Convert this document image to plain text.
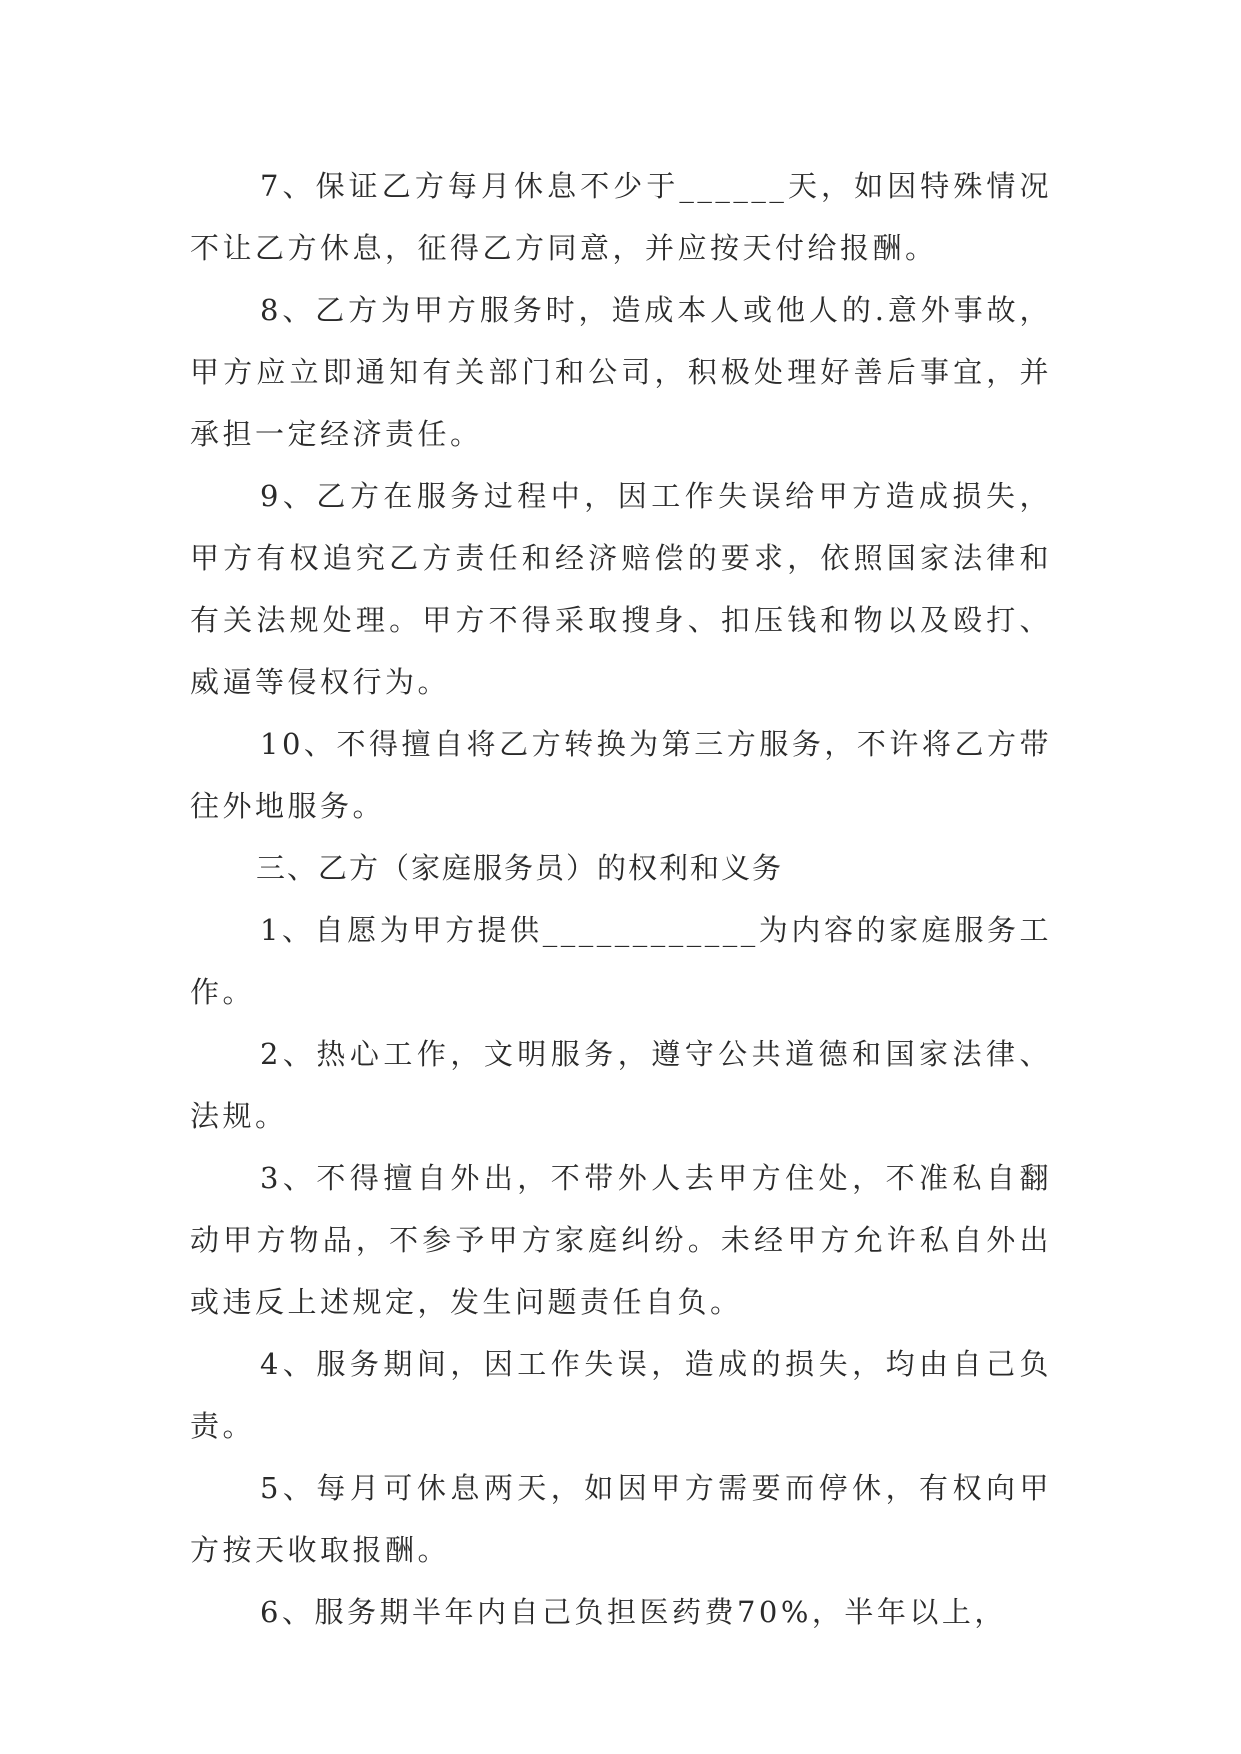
7、保证乙方每月休息不少于______天，如因特殊情况不让乙方休息，征得乙方同意，并应按天付给报酬。

8、乙方为甲方服务时，造成本人或他人的.意外事故，甲方应立即通知有关部门和公司，积极处理好善后事宜，并承担一定经济责任。

9、乙方在服务过程中，因工作失误给甲方造成损失，甲方有权追究乙方责任和经济赔偿的要求，依照国家法律和有关法规处理。甲方不得采取搜身、扣压钱和物以及殴打、威逼等侵权行为。

10、不得擅自将乙方转换为第三方服务，不许将乙方带往外地服务。

三、乙方（家庭服务员）的权利和义务

1、自愿为甲方提供____________为内容的家庭服务工作。

2、热心工作，文明服务，遵守公共道德和国家法律、法规。

3、不得擅自外出，不带外人去甲方住处，不准私自翻动甲方物品，不参予甲方家庭纠纷。未经甲方允许私自外出或违反上述规定，发生问题责任自负。

4、服务期间，因工作失误，造成的损失，均由自己负责。

5、每月可休息两天，如因甲方需要而停休，有权向甲方按天收取报酬。

6、服务期半年内自己负担医药费70%，半年以上，
